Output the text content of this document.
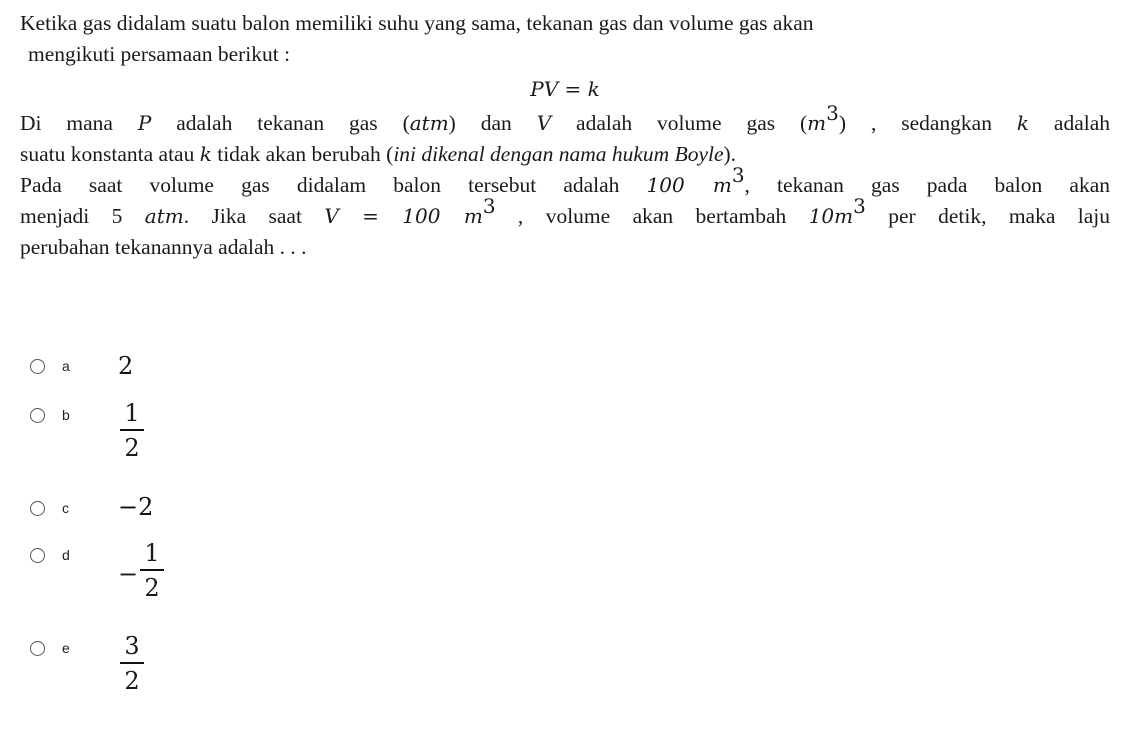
Ketika gas didalam suatu balon memiliki suhu yang sama, tekanan gas dan volume gas akan
mengikuti persamaan berikut :
PV = k
Di mana P adalah tekanan gas (atm) dan V adalah volume gas $(m^3)$ , sedangkan k adalah
suatu konstanta atau k tidak akan berubah (ini dikenal dengan nama hukum Boyle).
Pada saat volume gas didalam balon tersebut adalah 100 $m^3$, tekanan gas pada balon akan
menjadi 5 atm. Jika saat V = 100 $m^3$ , volume akan bertambah $10m^3$ per detik, maka laju
perubahan tekanannya adalah . . .
a 2
b 1
2
c −2
d
−
1
2
e 3
2
